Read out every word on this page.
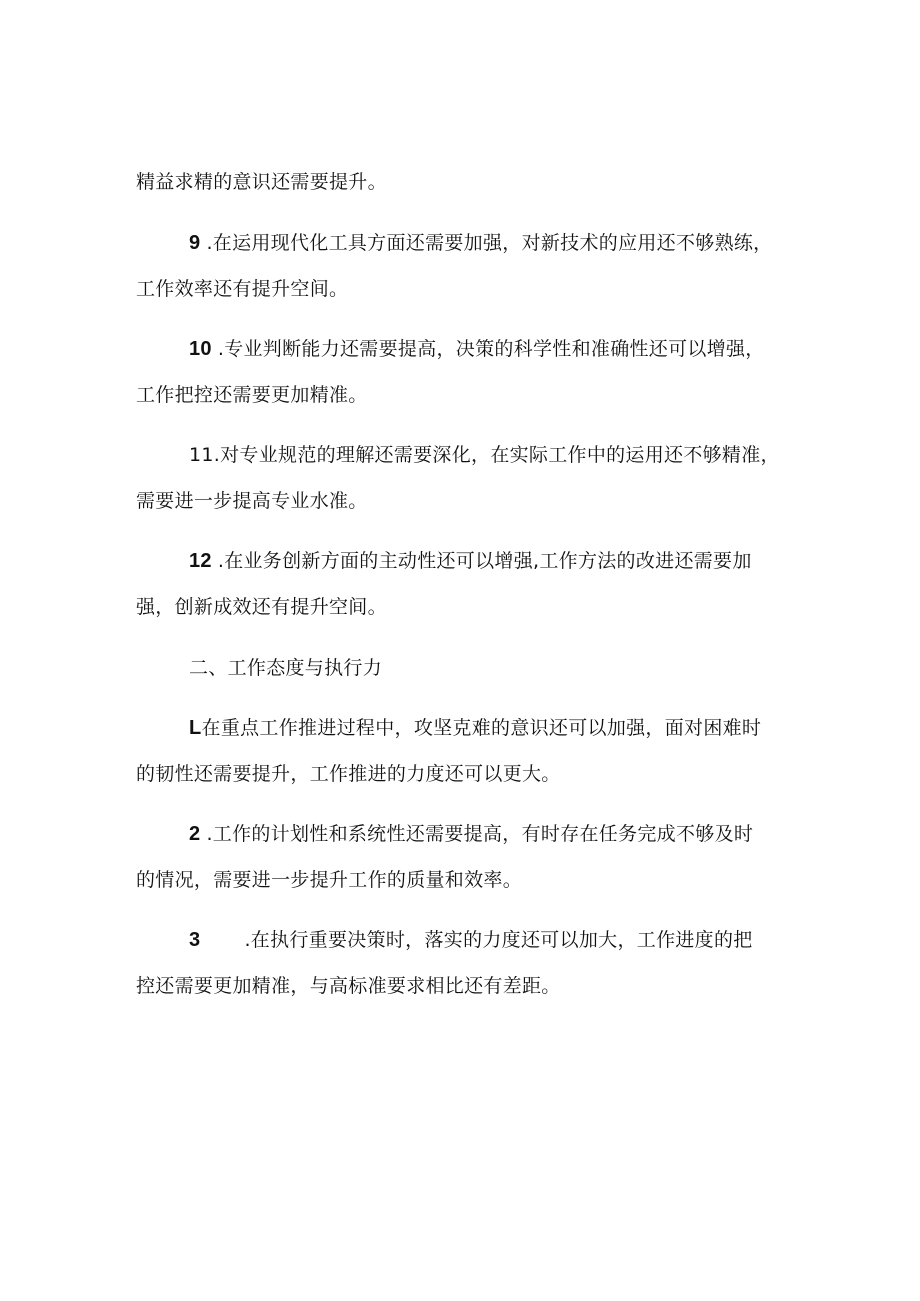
精益求精的意识还需要提升。
9 .在运用现代化工具方面还需要加强，对新技术的应用还不够熟练，
工作效率还有提升空间。
10 .专业判断能力还需要提高，决策的科学性和准确性还可以增强，
工作把控还需要更加精准。
11.对专业规范的理解还需要深化，在实际工作中的运用还不够精准，
需要进一步提高专业水准。
12 .在业务创新方面的主动性还可以增强,工作方法的改进还需要加
强，创新成效还有提升空间。
二、工作态度与执行力
L在重点工作推进过程中，攻坚克难的意识还可以加强，面对困难时
的韧性还需要提升，工作推进的力度还可以更大。
2 .工作的计划性和系统性还需要提高，有时存在任务完成不够及时
的情况，需要进一步提升工作的质量和效率。
3 .在执行重要决策时，落实的力度还可以加大，工作进度的把
控还需要更加精准，与高标准要求相比还有差距。
